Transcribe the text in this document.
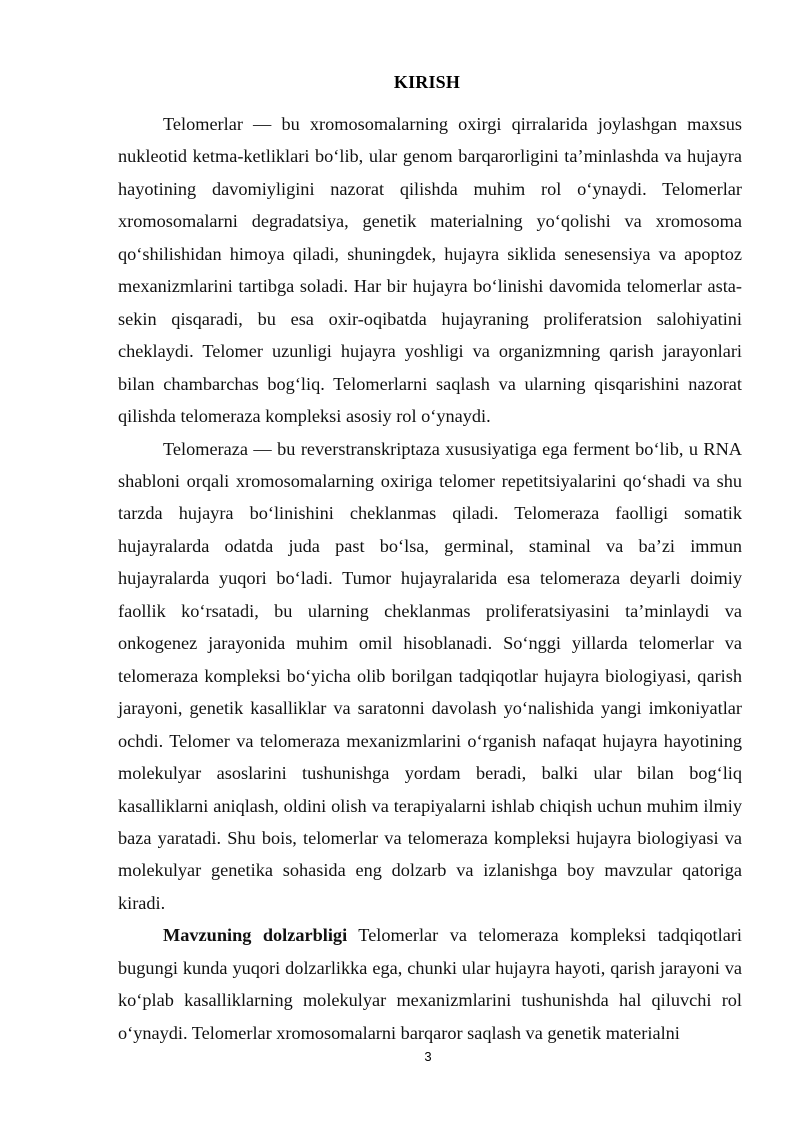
KIRISH

Telomerlar — bu xromosomalarning oxirgi qirralarida joylashgan maxsus nukleotid ketma-ketliklari bo‘lib, ular genom barqarorligini ta’minlashda va hujayra hayotining davomiyligini nazorat qilishda muhim rol o‘ynaydi. Telomerlar xromosomalarni degradatsiya, genetik materialning yo‘qolishi va xromosoma qo‘shilishidan himoya qiladi, shuningdek, hujayra siklida senesensiya va apoptoz mexanizmlarini tartibga soladi. Har bir hujayra bo‘linishi davomida telomerlar asta-sekin qisqaradi, bu esa oxir-oqibatda hujayraning proliferatsion salohiyatini cheklaydi. Telomer uzunligi hujayra yoshligi va organizmning qarish jarayonlari bilan chambarchas bog‘liq. Telomerlarni saqlash va ularning qisqarishini nazorat qilishda telomeraza kompleksi asosiy rol o‘ynaydi.

Telomeraza — bu reverstranskriptaza xususiyatiga ega ferment bo‘lib, u RNA shabloni orqali xromosomalarning oxiriga telomer repetitsiyalarini qo‘shadi va shu tarzda hujayra bo‘linishini cheklanmas qiladi. Telomeraza faolligi somatik hujayralarda odatda juda past bo‘lsa, germinal, staminal va ba’zi immun hujayralarda yuqori bo‘ladi. Tumor hujayralarida esa telomeraza deyarli doimiy faollik ko‘rsatadi, bu ularning cheklanmas proliferatsiyasini ta’minlaydi va onkogenez jarayonida muhim omil hisoblanadi. So‘nggi yillarda telomerlar va telomeraza kompleksi bo‘yicha olib borilgan tadqiqotlar hujayra biologiyasi, qarish jarayoni, genetik kasalliklar va saratonni davolash yo‘nalishida yangi imkoniyatlar ochdi. Telomer va telomeraza mexanizmlarini o‘rganish nafaqat hujayra hayotining molekulyar asoslarini tushunishga yordam beradi, balki ular bilan bog‘liq kasalliklarni aniqlash, oldini olish va terapiyalarni ishlab chiqish uchun muhim ilmiy baza yaratadi. Shu bois, telomerlar va telomeraza kompleksi hujayra biologiyasi va molekulyar genetika sohasida eng dolzarb va izlanishga boy mavzular qatoriga kiradi.

Mavzuning dolzarbligi Telomerlar va telomeraza kompleksi tadqiqotlari bugungi kunda yuqori dolzarlikka ega, chunki ular hujayra hayoti, qarish jarayoni va ko‘plab kasalliklarning molekulyar mexanizmlarini tushunishda hal qiluvchi rol o‘ynaydi. Telomerlar xromosomalarni barqaror saqlash va genetik materialni

3
